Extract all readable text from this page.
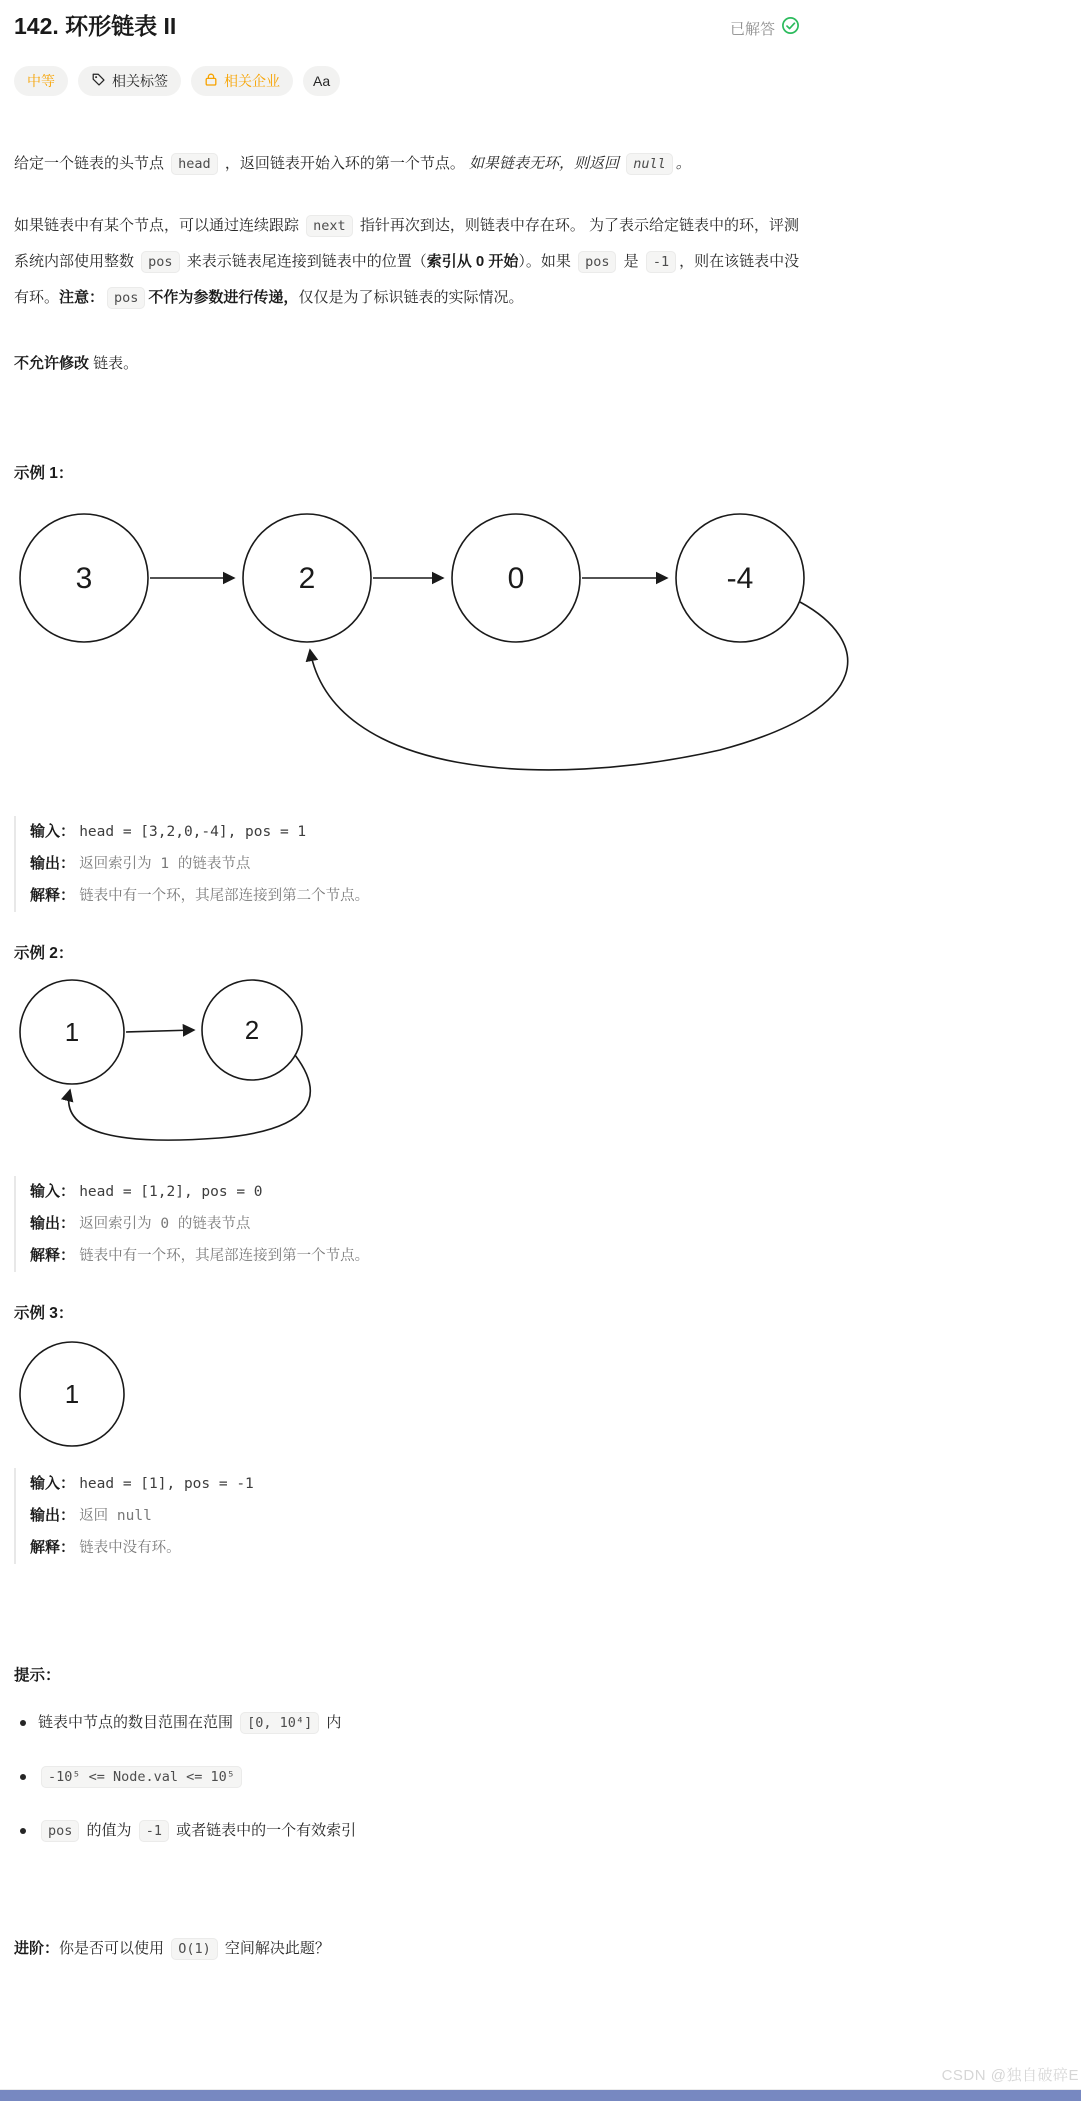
142. 环形链表 II	已解答
中等	相关标签	相关企业 Aa

给定一个链表的头节点 head ，返回链表开始入环的第一个节点。 如果链表无环，则返回 null 。

如果链表中有某个节点，可以通过连续跟踪 next 指针再次到达，则链表中存在环。 为了表示给定链表中的环，评测系统内部使用整数 pos 来表示链表尾连接到链表中的位置（索引从 0 开始）。如果 pos 是 -1 ，则在该链表中没有环。注意： pos 不作为参数进行传递，仅仅是为了标识链表的实际情况。

不允许修改 链表。

示例 1：
3	2	0	-4
输入： head = [3,2,0,-4], pos = 1
输出： 返回索引为 1 的链表节点
解释： 链表中有一个环，其尾部连接到第二个节点。
示例 2：
1	2
输入： head = [1,2], pos = 0
输出： 返回索引为 0 的链表节点
解释： 链表中有一个环，其尾部连接到第一个节点。
示例 3：
1
输入： head = [1], pos = -1
输出： 返回 null
解释： 链表中没有环。
提示：
链表中节点的数目范围在范围 [0, 10⁴] 内
-10⁵ <= Node.val <= 10⁵
pos 的值为 -1 或者链表中的一个有效索引

进阶：你是否可以使用 O(1) 空间解决此题？

CSDN @独自破碎E
